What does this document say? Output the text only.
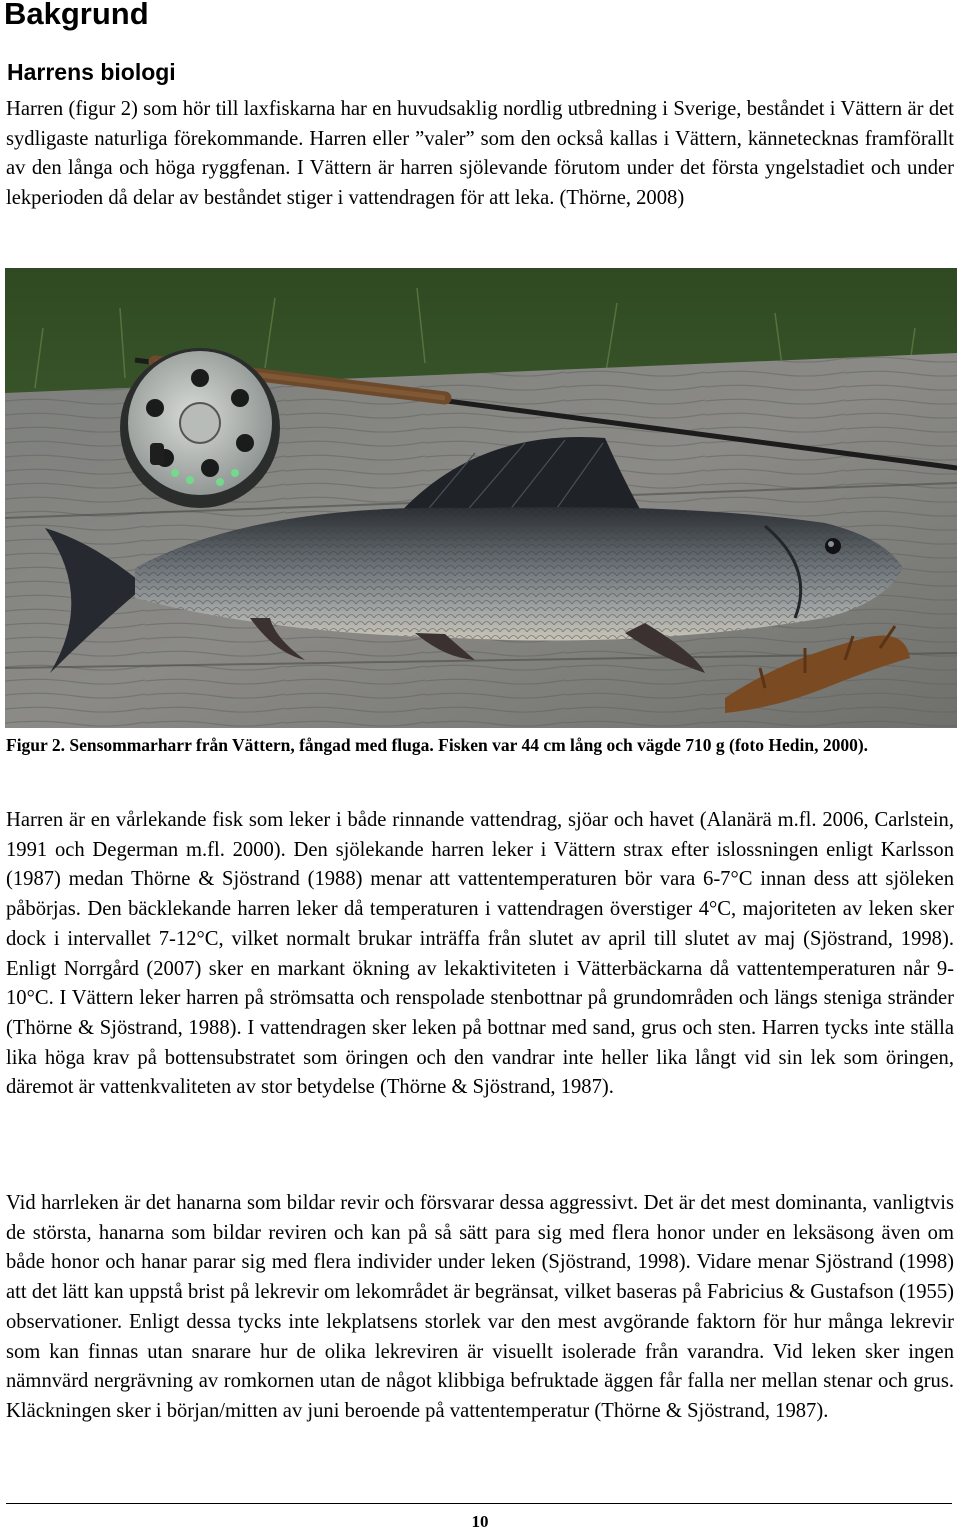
Bakgrund
Harrens biologi

Harren (figur 2) som hör till laxfiskarna har en huvudsaklig nordlig utbredning i Sverige, beståndet i Vättern är det sydligaste naturliga förekommande. Harren eller ”valer” som den också kallas i Vättern, kännetecknas framförallt av den långa och höga ryggfenan. I Vättern är harren sjölevande förutom under det första yngelstadiet och under lekperioden då delar av beståndet stiger i vattendragen för att leka. (Thörne, 2008)

Figur 2. Sensommarharr från Vättern, fångad med fluga. Fisken var 44 cm lång och vägde 710 g (foto Hedin, 2000).

Harren är en vårlekande fisk som leker i både rinnande vattendrag, sjöar och havet (Alanärä m.fl. 2006, Carlstein, 1991 och Degerman m.fl. 2000). Den sjölekande harren leker i Vättern strax efter islossningen enligt Karlsson (1987) medan Thörne & Sjöstrand (1988) menar att vattentemperaturen bör vara 6-7°C innan dess att sjöleken påbörjas. Den bäcklekande harren leker då temperaturen i vattendragen överstiger 4°C, majoriteten av leken sker dock i intervallet 7-12°C, vilket normalt brukar inträffa från slutet av april till slutet av maj (Sjöstrand, 1998). Enligt Norrgård (2007) sker en markant ökning av lekaktiviteten i Vätterbäckarna då vattentemperaturen når 9-10°C. I Vättern leker harren på strömsatta och renspolade stenbottnar på grundområden och längs steniga stränder (Thörne & Sjöstrand, 1988). I vattendragen sker leken på bottnar med sand, grus och sten. Harren tycks inte ställa lika höga krav på bottensubstratet som öringen och den vandrar inte heller lika långt vid sin lek som öringen, däremot är vattenkvaliteten av stor betydelse (Thörne & Sjöstrand, 1987).

Vid harrleken är det hanarna som bildar revir och försvarar dessa aggressivt. Det är det mest dominanta, vanligtvis de största, hanarna som bildar reviren och kan på så sätt para sig med flera honor under en leksäsong även om både honor och hanar parar sig med flera individer under leken (Sjöstrand, 1998). Vidare menar Sjöstrand (1998) att det lätt kan uppstå brist på lekrevir om lekområdet är begränsat, vilket baseras på Fabricius & Gustafson (1955) observationer. Enligt dessa tycks inte lekplatsens storlek var den mest avgörande faktorn för hur många lekrevir som kan finnas utan snarare hur de olika lekreviren är visuellt isolerade från varandra. Vid leken sker ingen nämnvärd nergrävning av romkornen utan de något klibbiga befruktade äggen får falla ner mellan stenar och grus. Kläckningen sker i början/mitten av juni beroende på vattentemperatur (Thörne & Sjöstrand, 1987).

10
